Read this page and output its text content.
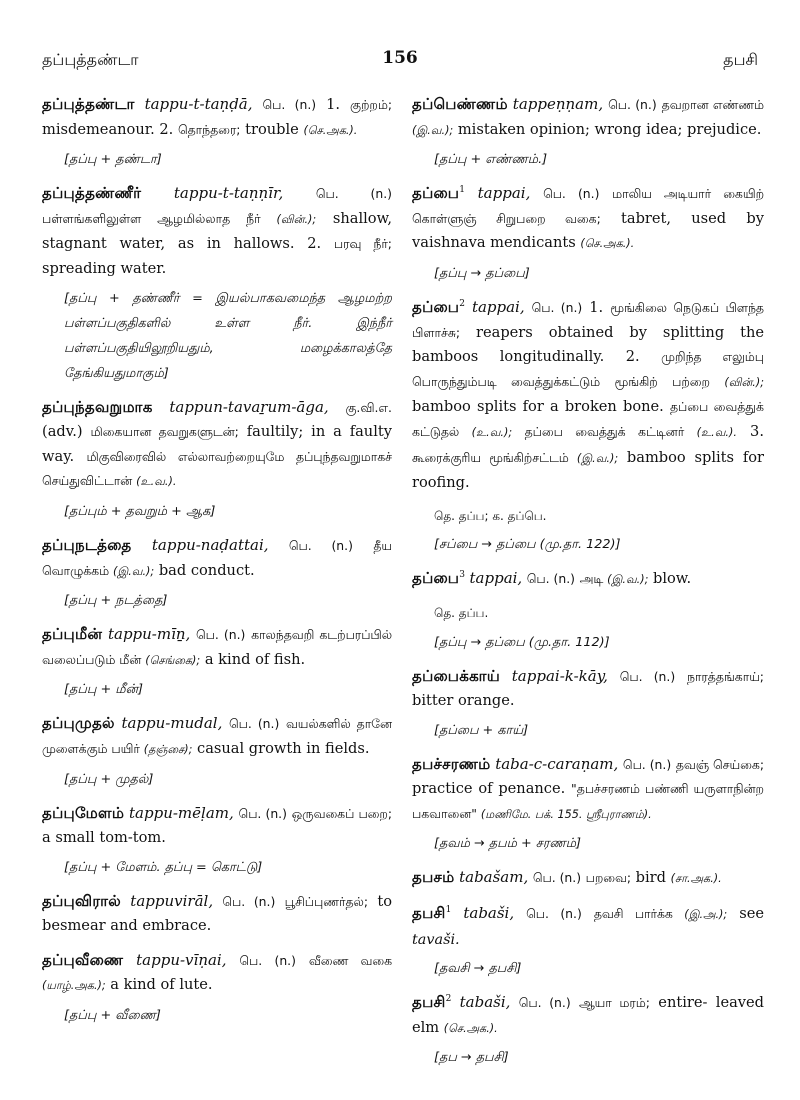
தப்புத்தண்டா	156	தபசி
தப்புத்தண்டா tappu-t-taṇḍā, பெ. (n.) 1. குற்றம்; misdemeanour. 2. தொந்தரை; trouble (செ.அக.).
[தப்பு + தண்டா]
தப்புத்தண்ணீர் tappu-t-taṇṇīr,	பெ. (n.) பள்ளங்களிலுள்ள ஆழமில்லாத நீர் (வின்.); shallow, stagnant water, as in hallows. 2. பரவு நீர்; spreading water.
[தப்பு + தண்ணீர் = இயல்பாகவமைந்த ஆழமற்ற பள்ளப்பகுதிகளில் உள்ள நீர். இந்நீர் பள்ளப்பகுதியிலூறியதும், மழைக்காலத்தே தேங்கியதுமாகும்]
தப்புந்தவறுமாக tappun-tavaṟum-āga, கு.வி.எ. (adv.) மிகையான தவறுகளுடன்; faultily; in a faulty way. மிகுவிரைவில் எல்லாவற்றையுமே தப்புந்தவறுமாகச் செய்துவிட்டான் (உ.வ.).
[தப்பும் + தவறும் + ஆக]
தப்புநடத்தை tappu-naḍattai, பெ. (n.) தீய வொழுக்கம் (இ.வ.); bad conduct.
[தப்பு + நடத்தை]
தப்புமீன் tappu-mīṉ, பெ. (n.) காலந்தவறி கடற்பரப்பில் வலைப்படும் மீன் (செங்கை); a kind of fish.
[தப்பு + மீன்]
தப்புமுதல் tappu-mudal, பெ. (n.) வயல்களில் தானே முளைக்கும் பயிர் (தஞ்சை); casual growth in fields.
[தப்பு + முதல்]
தப்புமேளம் tappu-mēḷam, பெ. (n.) ஒருவகைப் பறை; a small tom-tom.
[தப்பு + மேளம். தப்பு = கொட்டு]
தப்புவிரால் tappuvirāl, பெ. (n.) பூசிப்புணர்தல்; to besmear and embrace.
தப்புவீணை tappu-vīṇai, பெ. (n.) வீணை வகை (யாழ்.அக.); a kind of lute.
[தப்பு + வீணை]
தப்பெண்ணம் tappeṇṇam, பெ. (n.) தவறான எண்ணம் (இ.வ.); mistaken opinion; wrong idea; prejudice.
[தப்பு + எண்ணம்.]
தப்பை$^1$ tappai, பெ. (n.) மாலிய அடியார் கையிற் கொள்ளுஞ் சிறுபறை வகை; tabret, used by vaishnava mendicants (செ.அக.).
[தப்பு → தப்பை]
தப்பை$^2$ tappai, பெ. (n.) 1. மூங்கிலை நெடுகப் பிளந்த பிளாச்சு; reapers obtained by splitting the bamboos longitudinally. 2. முறிந்த எலும்பு பொருந்தும்படி வைத்துக்கட்டும் மூங்கிற் பற்றை (வின்.); bamboo splits for a broken bone. தப்பை வைத்துக் கட்டுதல் (உ.வ.); தப்பை வைத்துக் கட்டினர் (உ.வ.). 3. கூரைக்குரிய மூங்கிற்சட்டம் (இ.வ.); bamboo splits for roofing.
தெ. தப்ப; க. தப்பெ.
[சப்பை → தப்பை (மு.தா. 122)]
தப்பை$^3$ tappai, பெ. (n.) அடி (இ.வ.); blow.
தெ. தப்ப.
[தப்பு → தப்பை (மு.தா. 112)]
தப்பைக்காய் tappai-k-kāy, பெ. (n.) நாரத்தங்காய்; bitter orange.
[தப்பை + காய்]
தபச்சரணம் taba-c-caraṇam, பெ. (n.) தவஞ் செய்கை; practice of penance. "தபச்சரணம் பண்ணி யருளாநின்ற பகவானை" (மணிமே. பக். 155. ஸ்ரீபுராணம்).
[தவம் → தபம் + சரணம்]
தபசம் tabašam, பெ. (n.) பறவை; bird (சா.அக.).
தபசி$^1$ tabaši, பெ. (n.) தவசி பார்க்க (இ.அ.); see tavaši.
[தவசி → தபசி]
தபசி$^2$ tabaši, பெ. (n.) ஆயா மரம்; entire- leaved elm (செ.அக.).
[தப → தபசி]
